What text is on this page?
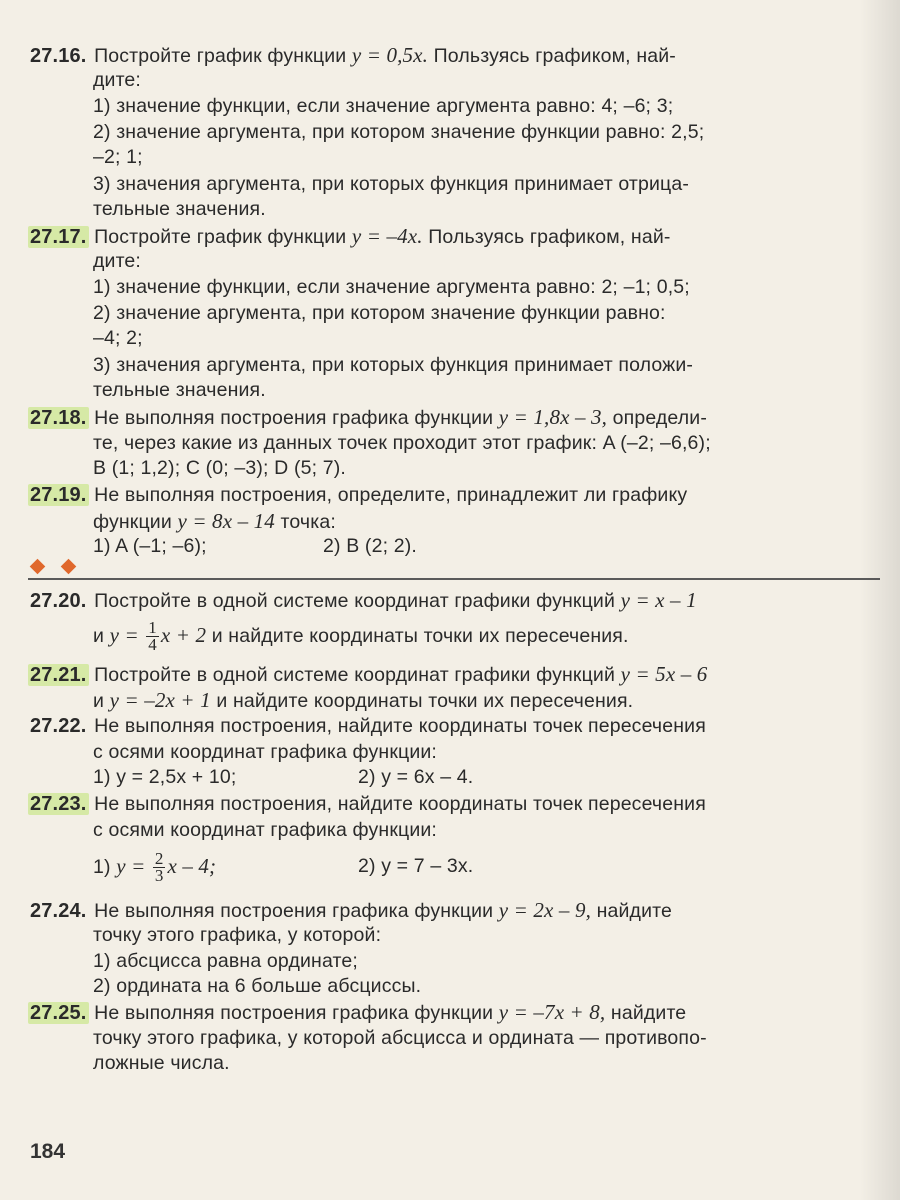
27.16. Постройте график функции y = 0,5x. Пользуясь графиком, най-
дите:
1) значение функции, если значение аргумента равно: 4; –6; 3;
2) значение аргумента, при котором значение функции равно: 2,5;
–2; 1;
3) значения аргумента, при которых функция принимает отрица-
тельные значения.
27.17. Постройте график функции y = –4x. Пользуясь графиком, най-
дите:
1) значение функции, если значение аргумента равно: 2; –1; 0,5;
2) значение аргумента, при котором значение функции равно:
–4; 2;
3) значения аргумента, при которых функция принимает положи-
тельные значения.
27.18. Не выполняя построения графика функции y = 1,8x – 3, определи-
те, через какие из данных точек проходит этот график: A (–2; –6,6);
B (1; 1,2); C (0; –3); D (5; 7).
27.19. Не выполняя построения, определите, принадлежит ли графику
функции y = 8x – 14 точка:
1) A (–1; –6);	2) B (2; 2).
27.20. Постройте в одной системе координат графики функций y = x – 1
и $y = \frac{1}{4}$ x + 2 и найдите координаты точки их пересечения.
27.21. Постройте в одной системе координат графики функций y = 5x – 6
и y = –2x + 1 и найдите координаты точки их пересечения.
27.22. Не выполняя построения, найдите координаты точек пересечения
с осями координат графика функции:
1) y = 2,5x + 10;	2) y = 6x – 4.
27.23. Не выполняя построения, найдите координаты точек пересечения
с осями координат графика функции:
1) $y = \frac{2}{3}$ x – 4;	2) y = 7 – 3x.
27.24. Не выполняя построения графика функции y = 2x – 9, найдите
точку этого графика, у которой:
1) абсцисса равна ординате;
2) ордината на 6 больше абсциссы.
27.25. Не выполняя построения графика функции y = –7x + 8, найдите
точку этого графика, у которой абсцисса и ордината — противопо-
ложные числа.
184
